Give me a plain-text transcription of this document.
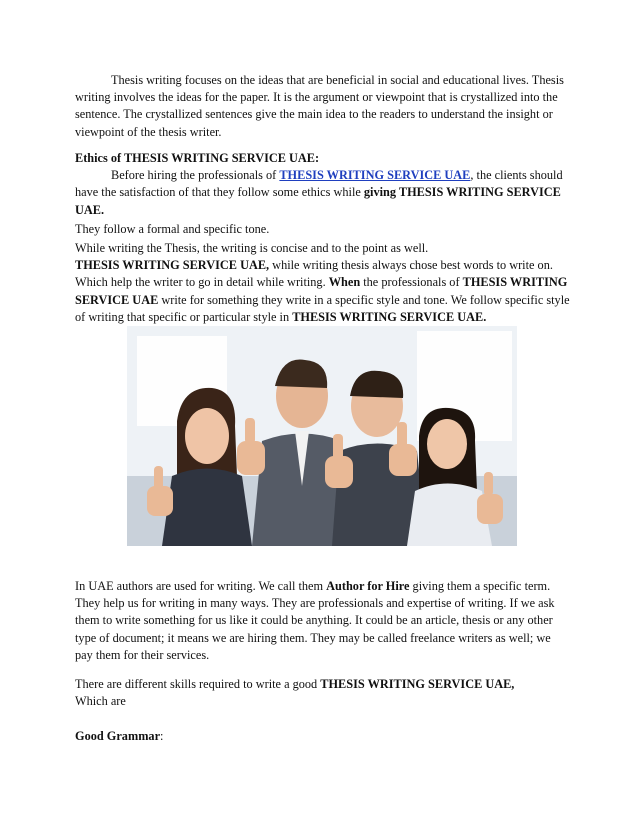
Thesis writing focuses on the ideas that are beneficial in social and educational lives. Thesis writing involves the ideas for the paper. It is the argument or viewpoint that is crystallized into the sentence. The crystallized sentences give the main idea to the readers to understand the insight or viewpoint of the thesis writer.

Ethics of THESIS WRITING SERVICE UAE:

Before hiring the professionals of THESIS WRITING SERVICE UAE, the clients should have the satisfaction of that they follow some ethics while giving THESIS WRITING SERVICE UAE.

They follow a formal and specific tone.

While writing the Thesis, the writing is concise and to the point as well.

THESIS WRITING SERVICE UAE, while writing thesis always chose best words to write on. Which help the writer to go in detail while writing. When the professionals of THESIS WRITING SERVICE UAE write for something they write in a specific style and tone. We follow specific style of writing that specific or particular style in THESIS WRITING SERVICE UAE.

In UAE authors are used for writing. We call them Author for Hire giving them a specific term. They help us for writing in many ways. They are professionals and expertise of writing. If we ask them to write something for us like it could be anything. It could be an article, thesis or any other type of document; it means we are hiring them. They may be called freelance writers as well; we pay them for their services.

There are different skills required to write a good THESIS WRITING SERVICE UAE,

Which are

Good Grammar:
